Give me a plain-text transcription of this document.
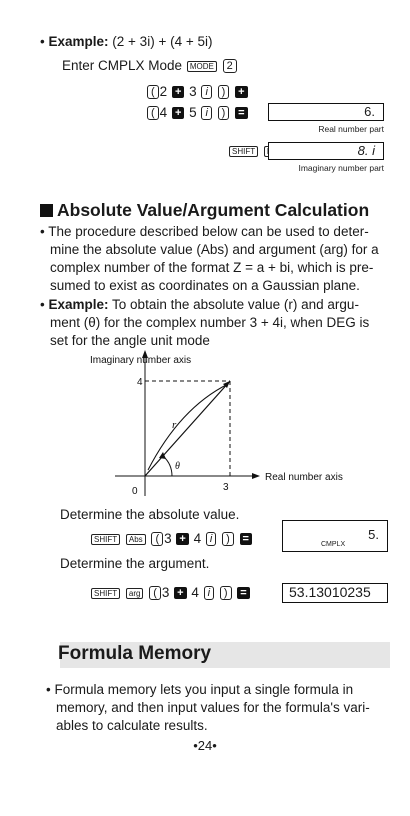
• Example: (2 + 3i) + (4 + 5i)
Enter CMPLX Mode MODE 2
( 2 + 3 i ) +
( 4 + 5 i ) =	6.
Real number part
SHIFT	8. i
Imaginary number part
Absolute Value/Argument Calculation
• The procedure described below can be used to deter-
mine the absolute value (Abs) and argument (arg) for a
complex number of the format Z = a + bi, which is pre-
sumed to exist as coordinates on a Gaussian plane.
• Example: To obtain the absolute value (r) and argu-
ment (θ) for the complex number 3 + 4i, when DEG is
set for the angle unit mode
Imaginary number axis
Real number axis
4
3
0
r
θ
Determine the absolute value.
SHIFT Abs ( 3 + 4 i ) =	5.
CMPLX
Determine the argument.
SHIFT arg ( 3 + 4 i ) =	53.13010235
Formula Memory
• Formula memory lets you input a single formula in
memory, and then input values for the formula's vari-
ables to calculate results.
•24•
